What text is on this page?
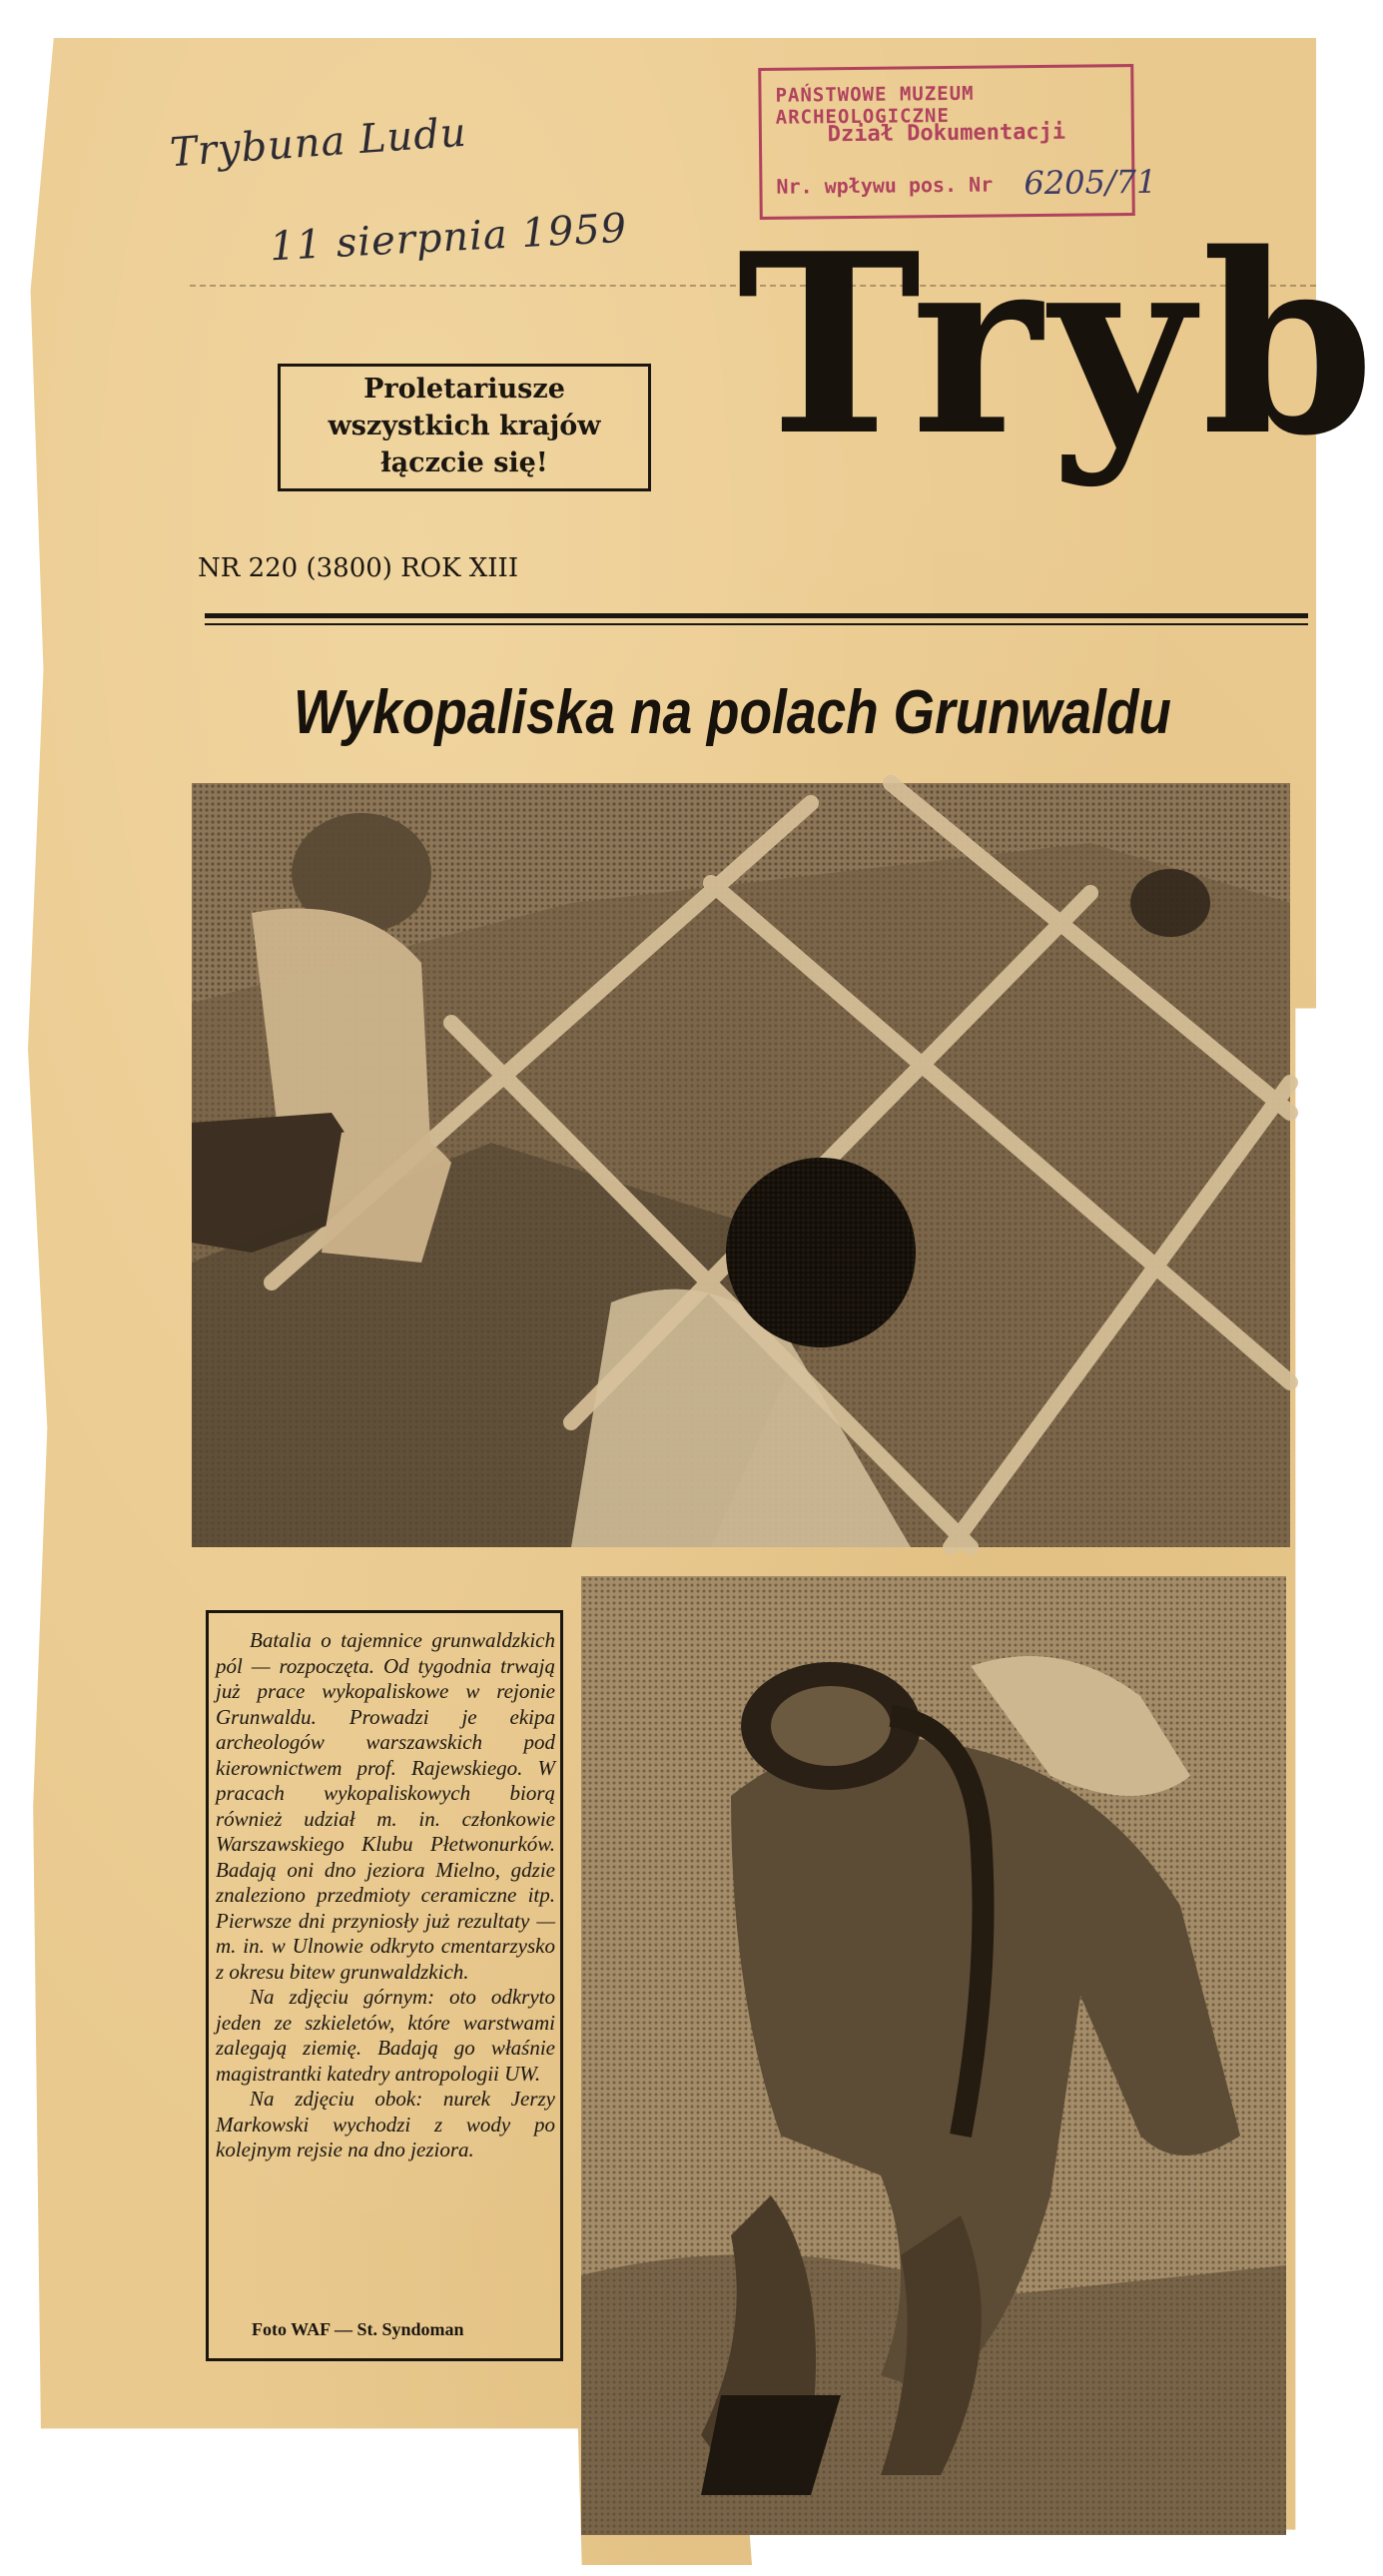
Trybuna Ludu
11 sierpnia 1959
PAŃSTWOWE MUZEUM ARCHEOLOGICZNE
Dział Dokumentacji
Nr. wpływu pos. Nr 6205/71
Proletariusze
wszystkich krajów
łączcie się! Tryb
NR 220 (3800) ROK XIII
Wykopaliska na polach Grunwaldu

Batalia o tajemnice grunwaldzkich pól — rozpoczęta. Od tygodnia trwają już prace wykopaliskowe w rejonie Grunwaldu. Prowadzi je ekipa archeologów warszawskich pod kierownictwem prof. Rajewskiego. W pracach wykopaliskowych biorą również udział m. in. członkowie Warszawskiego Klubu Płetwonurków. Badają oni dno jeziora Mielno, gdzie znaleziono przedmioty ceramiczne itp. Pierwsze dni przyniosły już rezultaty — m. in. w Ulnowie odkryto cmentarzysko z okresu bitew grunwaldzkich.

Na zdjęciu górnym: oto odkryto jeden ze szkieletów, które warstwami zalegają ziemię. Badają go właśnie magistrantki katedry antropologii UW.

Na zdjęciu obok: nurek Jerzy Markowski wychodzi z wody po kolejnym rejsie na dno jeziora.

Foto WAF — St. Syndoman
